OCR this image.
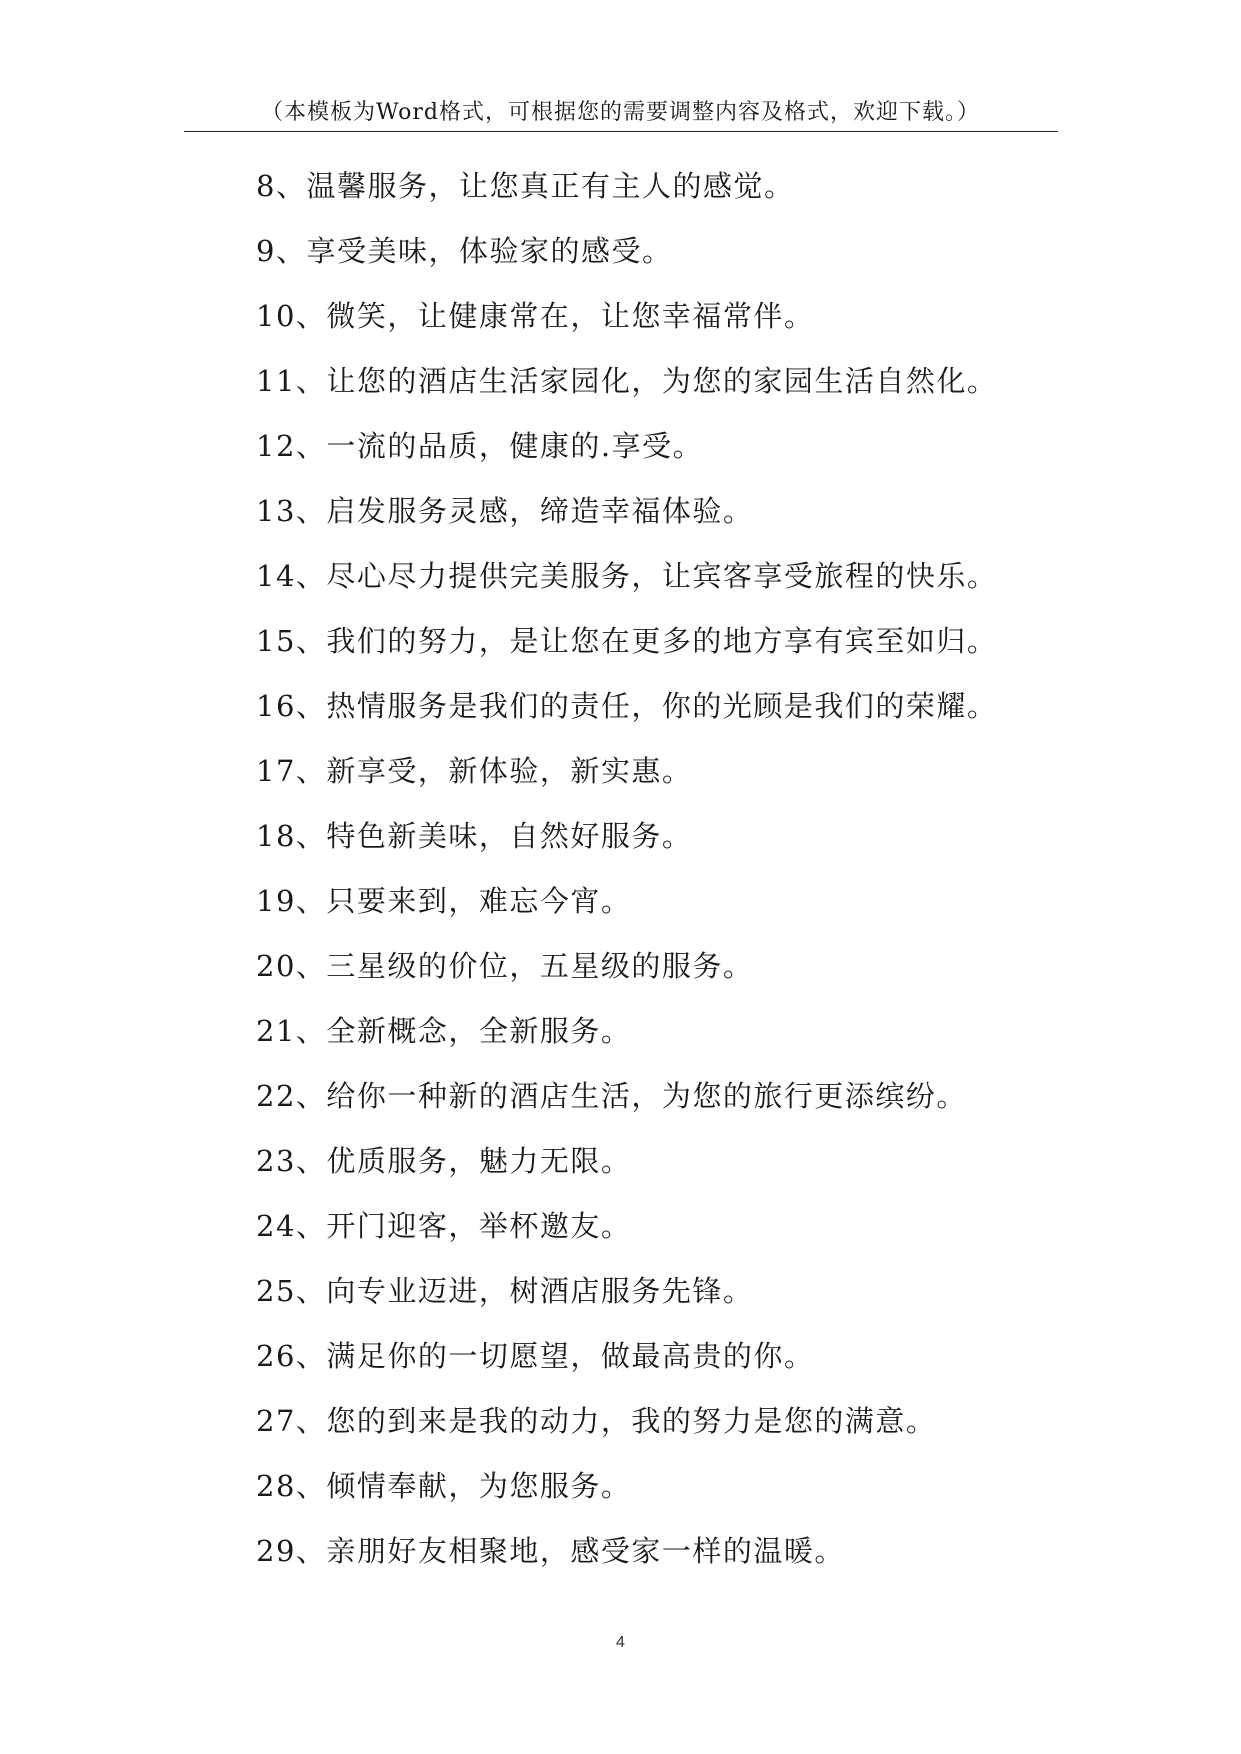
（本模板为Word格式，可根据您的需要调整内容及格式，欢迎下载。）
8、温馨服务，让您真正有主人的感觉。
9、享受美味，体验家的感受。
10、微笑，让健康常在，让您幸福常伴。
11、让您的酒店生活家园化，为您的家园生活自然化。
12、一流的品质，健康的.享受。
13、启发服务灵感，缔造幸福体验。
14、尽心尽力提供完美服务，让宾客享受旅程的快乐。
15、我们的努力，是让您在更多的地方享有宾至如归。
16、热情服务是我们的责任，你的光顾是我们的荣耀。
17、新享受，新体验，新实惠。
18、特色新美味，自然好服务。
19、只要来到，难忘今宵。
20、三星级的价位，五星级的服务。
21、全新概念，全新服务。
22、给你一种新的酒店生活，为您的旅行更添缤纷。
23、优质服务，魅力无限。
24、开门迎客，举杯邀友。
25、向专业迈进，树酒店服务先锋。
26、满足你的一切愿望，做最高贵的你。
27、您的到来是我的动力，我的努力是您的满意。
28、倾情奉献，为您服务。
29、亲朋好友相聚地，感受家一样的温暖。
4
